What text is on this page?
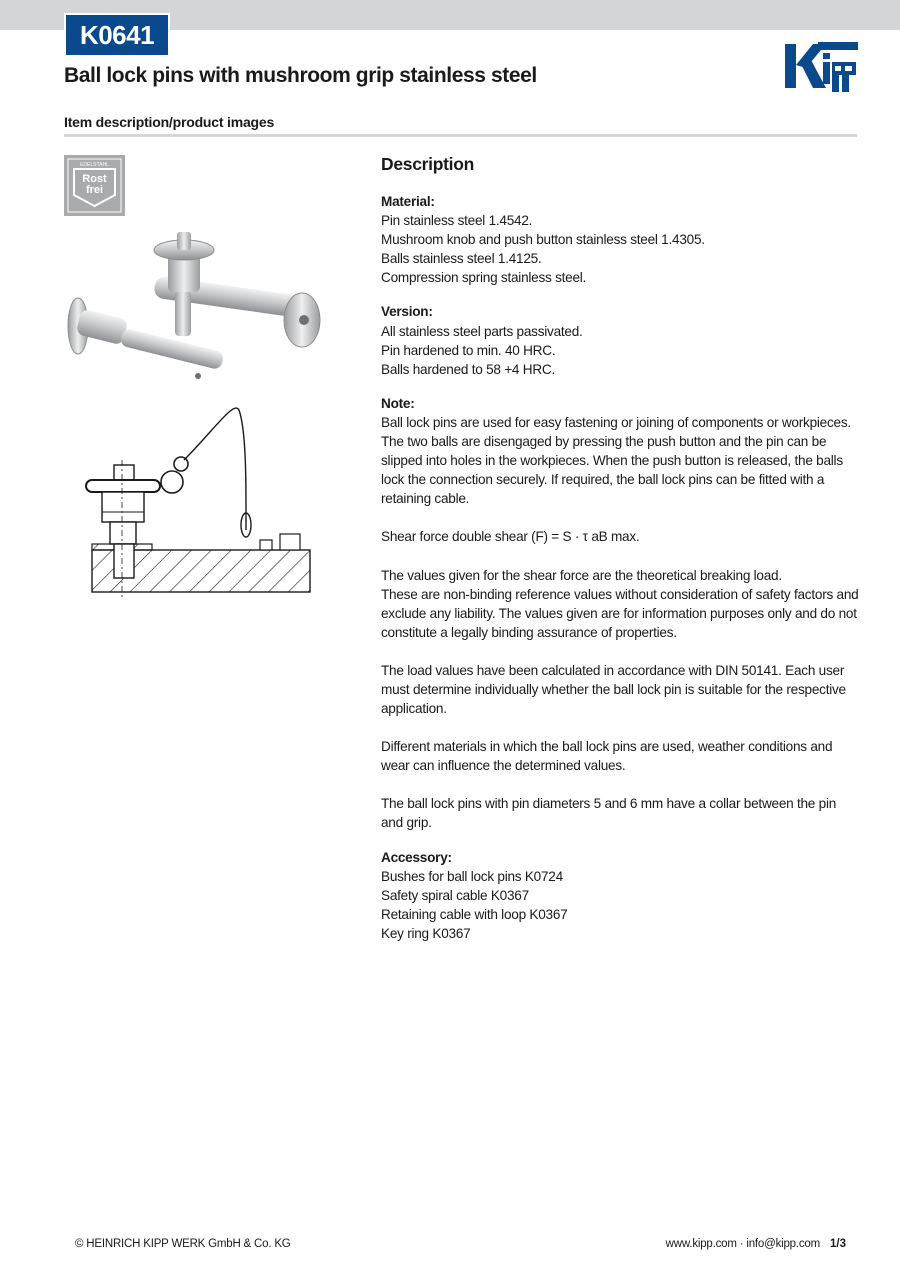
K0641
Ball lock pins with mushroom grip stainless steel
Item description/product images
EDELSTAHL
Rost
frei
Description
Material:

Pin stainless steel 1.4542.

Mushroom knob and push button stainless steel 1.4305.

Balls stainless steel 1.4125.

Compression spring stainless steel.

Version:

All stainless steel parts passivated.

Pin hardened to min. 40 HRC.

Balls hardened to 58 +4 HRC.

Note:

Ball lock pins are used for easy fastening or joining of components or workpieces. The two balls are disengaged by pressing the push button and the pin can be slipped into holes in the workpieces. When the push button is released, the balls lock the connection securely. If required, the ball lock pins can be fitted with a retaining cable.

Shear force double shear (F) = S · τ aB max.

The values given for the shear force are the theoretical breaking load.
These are non-binding reference values without consideration of safety factors and exclude any liability. The values given are for information purposes only and do not constitute a legally binding assurance of properties.

The load values have been calculated in accordance with DIN 50141. Each user must determine individually whether the ball lock pin is suitable for the respective application.

Different materials in which the ball lock pins are used, weather conditions and wear can influence the determined values.

The ball lock pins with pin diameters 5 and 6 mm have a collar between the pin and grip.

Accessory:

Bushes for ball lock pins K0724

Safety spiral cable K0367

Retaining cable with loop K0367

Key ring K0367

© HEINRICH KIPP WERK GmbH & Co. KG	www.kipp.com · info@kipp.com 1/3
